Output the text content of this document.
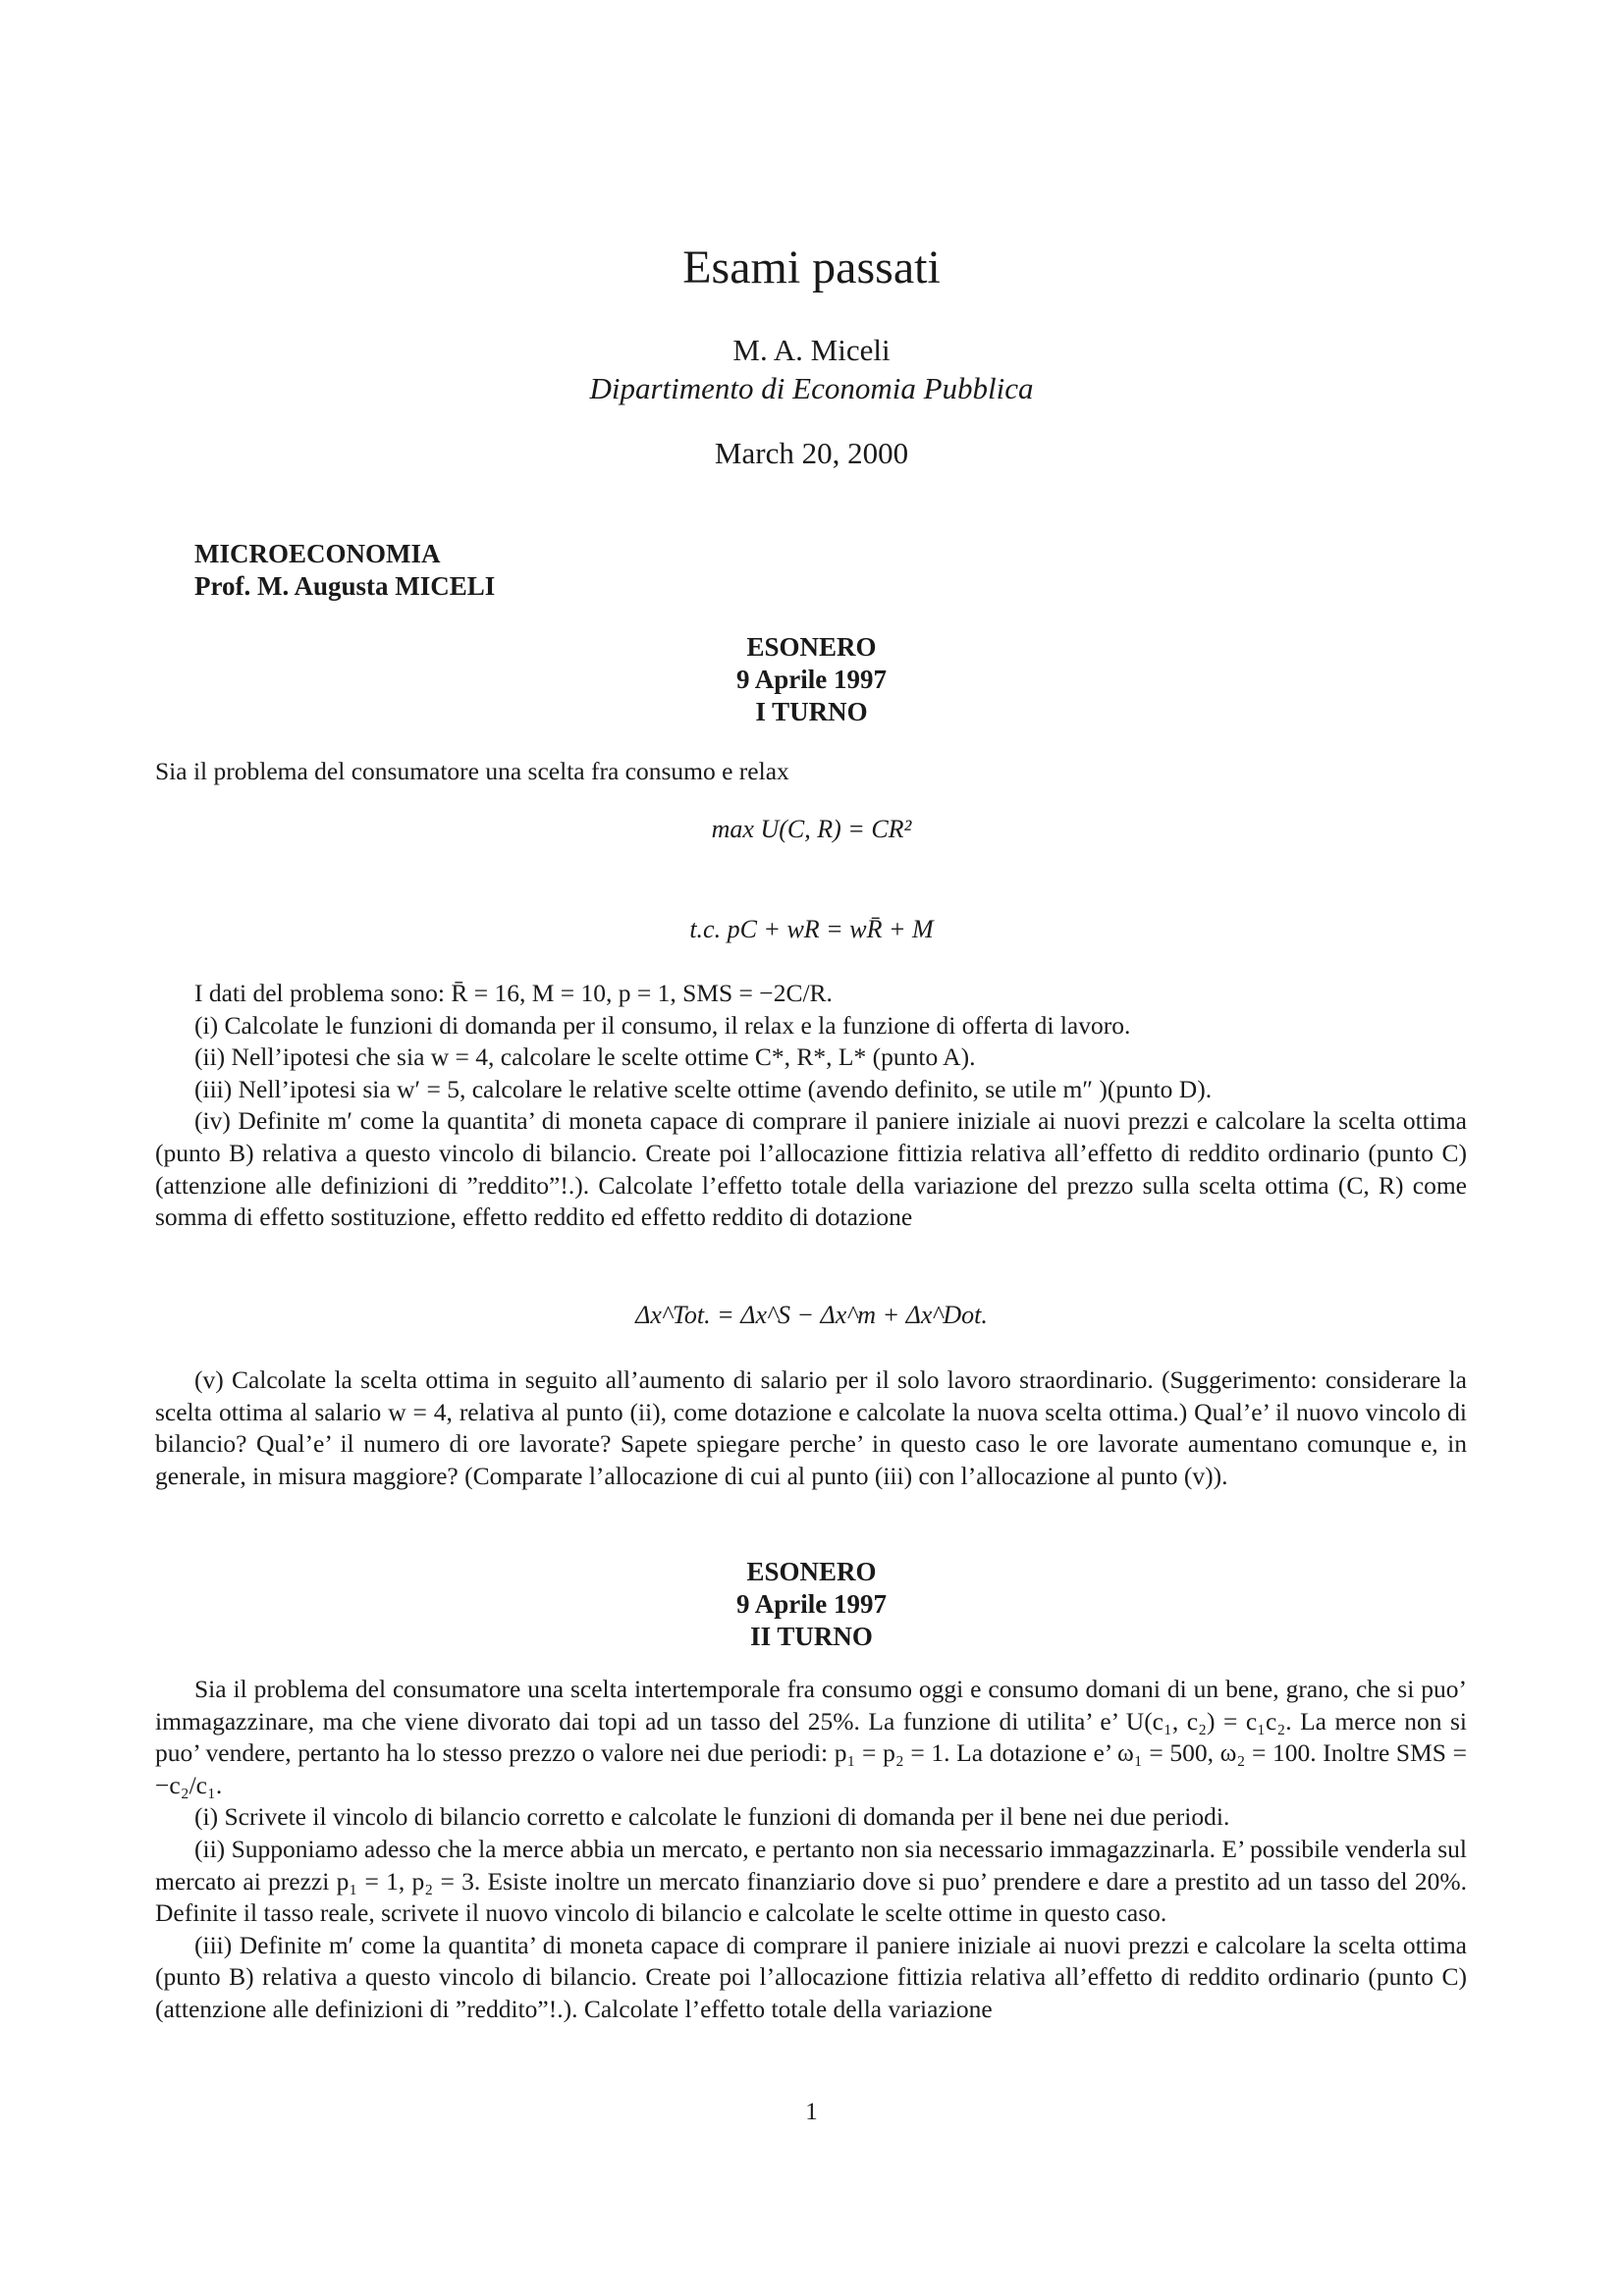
Esami passati
M. A. Miceli
Dipartimento di Economia Pubblica
March 20, 2000
MICROECONOMIA
Prof. M. Augusta MICELI
ESONERO
9 Aprile 1997
I TURNO

Sia il problema del consumatore una scelta fra consumo e relax

max U(C, R) = CR²
t.c. pC + wR = wR̄ + M

I dati del problema sono: R̄ = 16, M = 10, p = 1, SMS = −2C/R.

(i) Calcolate le funzioni di domanda per il consumo, il relax e la funzione di offerta di lavoro.

(ii) Nell’ipotesi che sia w = 4, calcolare le scelte ottime C*, R*, L* (punto A).

(iii) Nell’ipotesi sia w′ = 5, calcolare le relative scelte ottime (avendo definito, se utile m″ )(punto D).

(iv) Definite m′ come la quantita’ di moneta capace di comprare il paniere iniziale ai nuovi prezzi e calcolare la scelta ottima (punto B) relativa a questo vincolo di bilancio. Create poi l’allocazione fittizia relativa all’effetto di reddito ordinario (punto C) (attenzione alle definizioni di ”reddito”!.). Calcolate l’effetto totale della variazione del prezzo sulla scelta ottima (C, R) come somma di effetto sostituzione, effetto reddito ed effetto reddito di dotazione

Δx^Tot. = Δx^S − Δx^m + Δx^Dot.

(v) Calcolate la scelta ottima in seguito all’aumento di salario per il solo lavoro straordinario. (Suggerimento: considerare la scelta ottima al salario w = 4, relativa al punto (ii), come dotazione e calcolate la nuova scelta ottima.) Qual’e’ il nuovo vincolo di bilancio? Qual’e’ il numero di ore lavorate? Sapete spiegare perche’ in questo caso le ore lavorate aumentano comunque e, in generale, in misura maggiore? (Comparate l’allocazione di cui al punto (iii) con l’allocazione al punto (v)).

ESONERO
9 Aprile 1997
II TURNO

Sia il problema del consumatore una scelta intertemporale fra consumo oggi e consumo domani di un bene, grano, che si puo’ immagazzinare, ma che viene divorato dai topi ad un tasso del 25%. La funzione di utilita’ e’ U(c₁, c₂) = c₁c₂. La merce non si puo’ vendere, pertanto ha lo stesso prezzo o valore nei due periodi: p₁ = p₂ = 1. La dotazione e’ ω₁ = 500, ω₂ = 100. Inoltre SMS = −c₂/c₁.

(i) Scrivete il vincolo di bilancio corretto e calcolate le funzioni di domanda per il bene nei due periodi.

(ii) Supponiamo adesso che la merce abbia un mercato, e pertanto non sia necessario immagazzinarla. E’ possibile venderla sul mercato ai prezzi p₁ = 1, p₂ = 3. Esiste inoltre un mercato finanziario dove si puo’ prendere e dare a prestito ad un tasso del 20%. Definite il tasso reale, scrivete il nuovo vincolo di bilancio e calcolate le scelte ottime in questo caso.

(iii) Definite m′ come la quantita’ di moneta capace di comprare il paniere iniziale ai nuovi prezzi e calcolare la scelta ottima (punto B) relativa a questo vincolo di bilancio. Create poi l’allocazione fittizia relativa all’effetto di reddito ordinario (punto C) (attenzione alle definizioni di ”reddito”!.). Calcolate l’effetto totale della variazione

1
